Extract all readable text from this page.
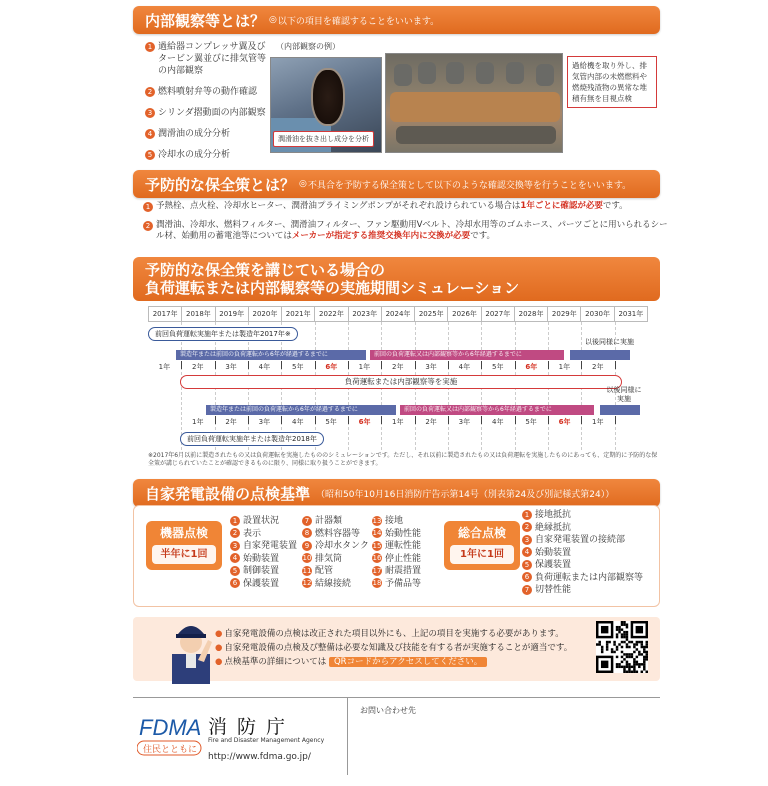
内部観察等とは？ ◎ 以下の項目を確認することをいいます。
1 過給器コンプレッサ翼及びタービン翼並びに排気管等の内部観察
2 燃料噴射弁等の動作確認
3 シリンダ摺動面の内部観察
4 潤滑油の成分分析
5 冷却水の成分分析
（内部観察の例）
潤滑油を抜き出し成分を分析
過給機を取り外し、排気管内部の未燃燃料や燃焼残渣物の異常な堆積有無を目視点検
予防的な保全策とは？ ◎ 不具合を予防する保全策として以下のような確認交換等を行うことをいいます。
1 予熱栓、点火栓、冷却水ヒーター、潤滑油プライミングポンプがそれぞれ設けられている場合は1年ごとに確認が必要です。
2 潤滑油、冷却水、燃料フィルター、潤滑油フィルター、ファン駆動用Vベルト、冷却水用等のゴムホース、パーツごとに用いられるシール材、始動用の蓄電池等についてはメーカーが指定する推奨交換年内に交換が必要です。
予防的な保全策を講じている場合の
負荷運転または内部観察等の実施期間シミュレーション
2017年	2018年	2019年	2020年	2021年	2022年	2023年	2024年	2025年	2026年	2027年	2028年	2029年	2030年	2031年
前回負荷運転実施年または製造年2017年※
製造年または前回の負荷運転から6年が経過するまでに	前回の負荷運転又は内部観察等から6年経過するまでに
以後同様に実施
1年	2年	3年	4年	5年	6年	1年	2年	3年	4年	5年	6年	1年	2年
負荷運転または内部観察等を実施
製造年または前回の負荷運転から6年が経過するまでに	前回の負荷運転又は内部観察等から6年経過するまでに
以後同様に実施
1年	2年	3年	4年	5年	6年	1年	2年	3年	4年	5年	6年	1年
前回負荷運転実施年または製造年2018年
※2017年6月以前に製造されたもの又は負荷運転を実施したもののシミュレーションです。ただし、それ以前に製造されたもの又は負荷運転を実施したものにあっても、定期的に予防的な保全策が講じられていたことが確認できるものに限り、同様に取り扱うことができます。
自家発電設備の点検基準 （昭和50年10月16日消防庁告示第14号（別表第24及び別記様式第24））
機器点検
半年に1回
1 設置状況
2 表示
3 自家発電装置
4 始動装置
5 制御装置
6 保護装置
7 計器類
8 燃料容器等
9 冷却水タンク
10 排気筒
11 配管
12 結線接続
13 接地
14 始動性能
15 運転性能
16 停止性能
17 耐震措置
18 予備品等
総合点検
1年に1回
1 接地抵抗
2 絶縁抵抗
3 自家発電装置の接続部
4 始動装置
5 保護装置
6 負荷運転または内部観察等
7 切替性能
● 自家発電設備の点検は改正された項目以外にも、上記の項目を実施する必要があります。
● 自家発電設備の点検及び整備は必要な知識及び技能を有する者が実施することが適当です。
● 点検基準の詳細については QRコードからアクセスしてください。
FDMA
住民とともに
消防庁
Fire and Disaster Management Agency
http://www.fdma.go.jp/
お問い合わせ先
